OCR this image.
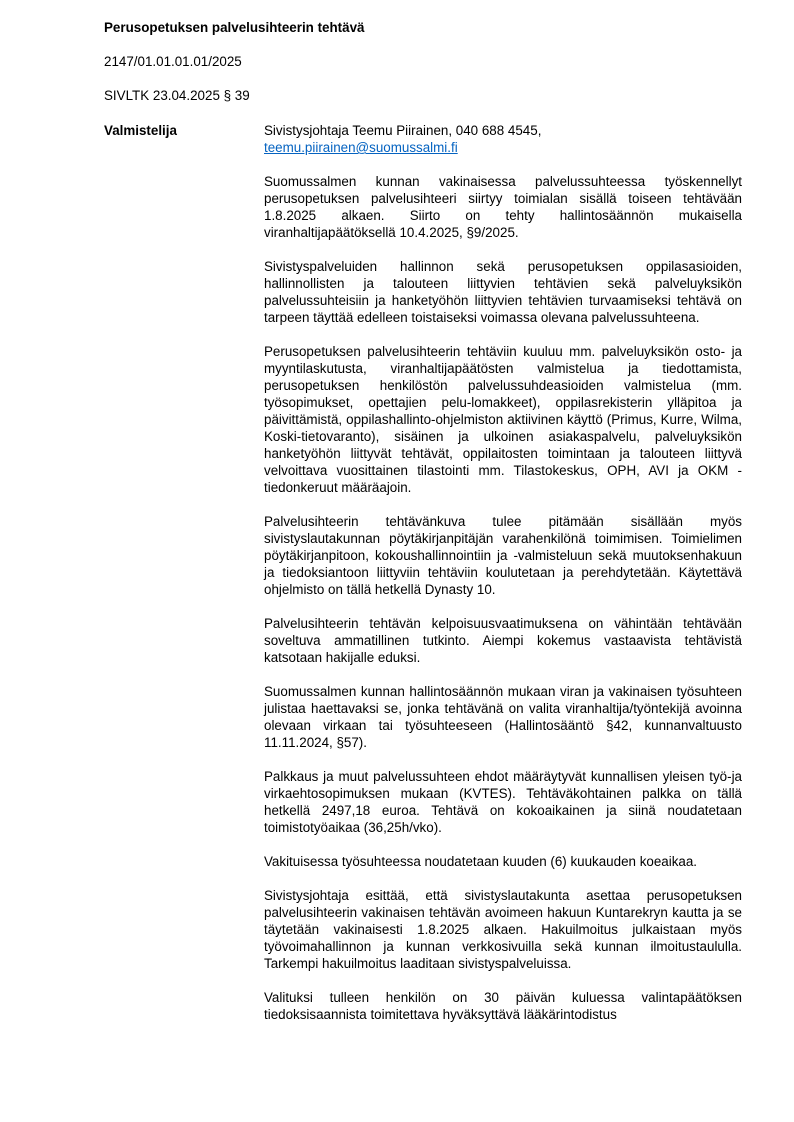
Perusopetuksen palvelusihteerin tehtävä

2147/01.01.01.01/2025

SIVLTK 23.04.2025 § 39

Valmistelija	Sivistysjohtaja Teemu Piirainen, 040 688 4545,

teemu.piirainen@suomussalmi.fi

Suomussalmen kunnan vakinaisessa palvelussuhteessa työskennellyt perusopetuksen palvelusihteeri siirtyy toimialan sisällä toiseen tehtävään 1.8.2025 alkaen. Siirto on tehty hallintosäännön mukaisella viranhaltijapäätöksellä 10.4.2025, §9/2025.

Sivistyspalveluiden hallinnon sekä perusopetuksen oppilasasioiden, hallinnollisten ja talouteen liittyvien tehtävien sekä palveluyksikön palvelussuhteisiin ja hanketyöhön liittyvien tehtävien turvaamiseksi tehtävä on tarpeen täyttää edelleen toistaiseksi voimassa olevana palvelussuhteena.

Perusopetuksen palvelusihteerin tehtäviin kuuluu mm. palveluyksikön osto- ja myyntilaskutusta, viranhaltijapäätösten valmistelua ja tiedottamista, perusopetuksen henkilöstön palvelussuhdeasioiden valmistelua (mm. työsopimukset, opettajien pelu-lomakkeet), oppilasrekisterin ylläpitoa ja päivittämistä, oppilashallinto-ohjelmiston aktiivinen käyttö (Primus, Kurre, Wilma, Koski-tietovaranto), sisäinen ja ulkoinen asiakaspalvelu, palveluyksikön hanketyöhön liittyvät tehtävät, oppilaitosten toimintaan ja talouteen liittyvä velvoittava vuosittainen tilastointi mm. Tilastokeskus, OPH, AVI ja OKM -tiedonkeruut määräajoin.

Palvelusihteerin tehtävänkuva tulee pitämään sisällään myös sivistyslautakunnan pöytäkirjanpitäjän varahenkilönä toimimisen. Toimielimen pöytäkirjanpitoon, kokoushallinnointiin ja -valmisteluun sekä muutoksenhakuun ja tiedoksiantoon liittyviin tehtäviin koulutetaan ja perehdytetään. Käytettävä ohjelmisto on tällä hetkellä Dynasty 10.

Palvelusihteerin tehtävän kelpoisuusvaatimuksena on vähintään tehtävään soveltuva ammatillinen tutkinto. Aiempi kokemus vastaavista tehtävistä katsotaan hakijalle eduksi.

Suomussalmen kunnan hallintosäännön mukaan viran ja vakinaisen työsuhteen julistaa haettavaksi se, jonka tehtävänä on valita viranhaltija/työntekijä avoinna olevaan virkaan tai työsuhteeseen (Hallintosääntö §42, kunnanvaltuusto 11.11.2024, §57).

Palkkaus ja muut palvelussuhteen ehdot määräytyvät kunnallisen yleisen työ-ja virkaehtosopimuksen mukaan (KVTES). Tehtäväkohtainen palkka on tällä hetkellä 2497,18 euroa. Tehtävä on kokoaikainen ja siinä noudatetaan toimistotyöaikaa (36,25h/vko).

Vakituisessa työsuhteessa noudatetaan kuuden (6) kuukauden koeaikaa.

Sivistysjohtaja esittää, että sivistyslautakunta asettaa perusopetuksen palvelusihteerin vakinaisen tehtävän avoimeen hakuun Kuntarekryn kautta ja se täytetään vakinaisesti 1.8.2025 alkaen. Hakuilmoitus julkaistaan myös työvoimahallinnon ja kunnan verkkosivuilla sekä kunnan ilmoitustaululla. Tarkempi hakuilmoitus laaditaan sivistyspalveluissa.

Valituksi tulleen henkilön on 30 päivän kuluessa valintapäätöksen tiedoksisaannista toimitettava hyväksyttävä lääkärintodistus
